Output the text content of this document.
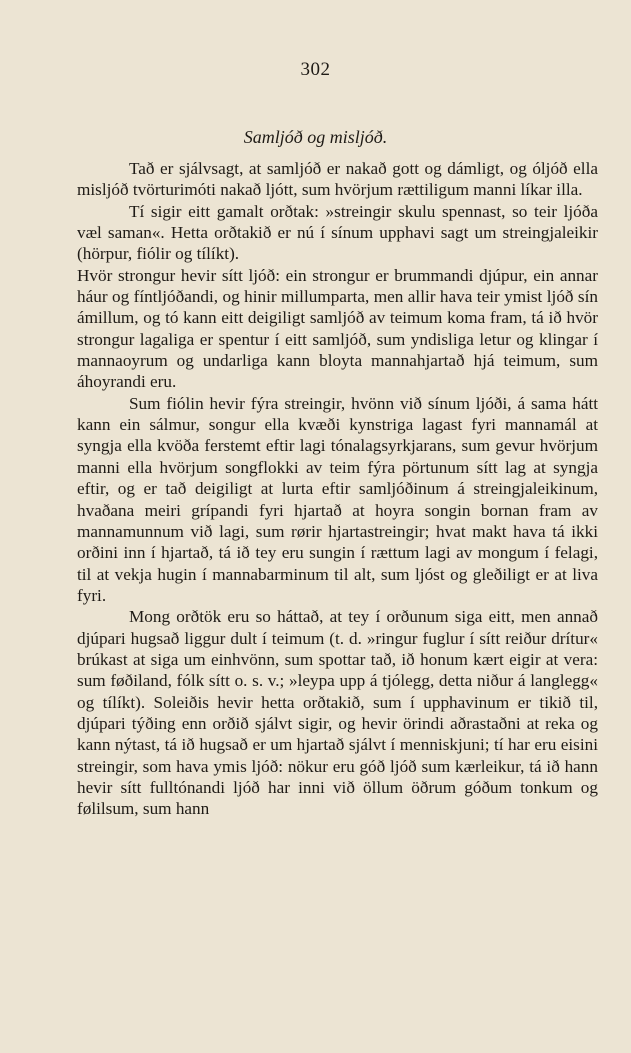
302
Samljóð og misljóð.

Tað er sjálvsagt, at samljóð er nakað gott og dámligt, og óljóð ella misljóð tvörturimóti nakað ljótt, sum hvörjum rættiligum manni líkar illa.

Tí sigir eitt gamalt orðtak: »streingir skulu spennast, so teir ljóða væl saman«. Hetta orðtakið er nú í sínum upphavi sagt um streingjaleikir (hörpur, fiólir og tílíkt).

Hvör strongur hevir sítt ljóð: ein strongur er brummandi djúpur, ein annar háur og fíntljóðandi, og hinir millumparta, men allir hava teir ymist ljóð sín ámillum, og tó kann eitt deigiligt samljóð av teimum koma fram, tá ið hvör strongur lagaliga er spentur í eitt samljóð, sum yndisliga letur og klingar í mannaoyrum og undarliga kann bloyta mannahjartað hjá teimum, sum áhoyrandi eru.

Sum fiólin hevir fýra streingir, hvönn við sínum ljóði, á sama hátt kann ein sálmur, songur ella kvæði kynstriga lagast fyri mannamál at syngja ella kvöða ferstemt eftir lagi tónalagsyrkjarans, sum gevur hvörjum manni ella hvörjum songflokki av teim fýra pörtunum sítt lag at syngja eftir, og er tað deigiligt at lurta eftir samljóðinum á streingjaleikinum, hvaðana meiri grípandi fyri hjartað at hoyra songin bornan fram av mannamunnum við lagi, sum rørir hjartastreingir; hvat makt hava tá ikki orðini inn í hjartað, tá ið tey eru sungin í rættum lagi av mongum í felagi, til at vekja hugin í mannabarminum til alt, sum ljóst og gleðiligt er at liva fyri.

Mong orðtök eru so háttað, at tey í orðunum siga eitt, men annað djúpari hugsað liggur dult í teimum (t. d. »ringur fuglur í sítt reiður drítur« brúkast at siga um einhvönn, sum spottar tað, ið honum kært eigir at vera: sum føðiland, fólk sítt o. s. v.; »leypa upp á tjólegg, detta niður á langlegg« og tílíkt). Soleiðis hevir hetta orðtakið, sum í upphavinum er tikið til, djúpari týðing enn orðið sjálvt sigir, og hevir örindi aðrastaðni at reka og kann nýtast, tá ið hugsað er um hjartað sjálvt í menniskjuni; tí har eru eisini streingir, som hava ymis ljóð: nökur eru góð ljóð sum kærleikur, tá ið hann hevir sítt fulltónandi ljóð har inni við öllum öðrum góðum tonkum og følilsum, sum hann
